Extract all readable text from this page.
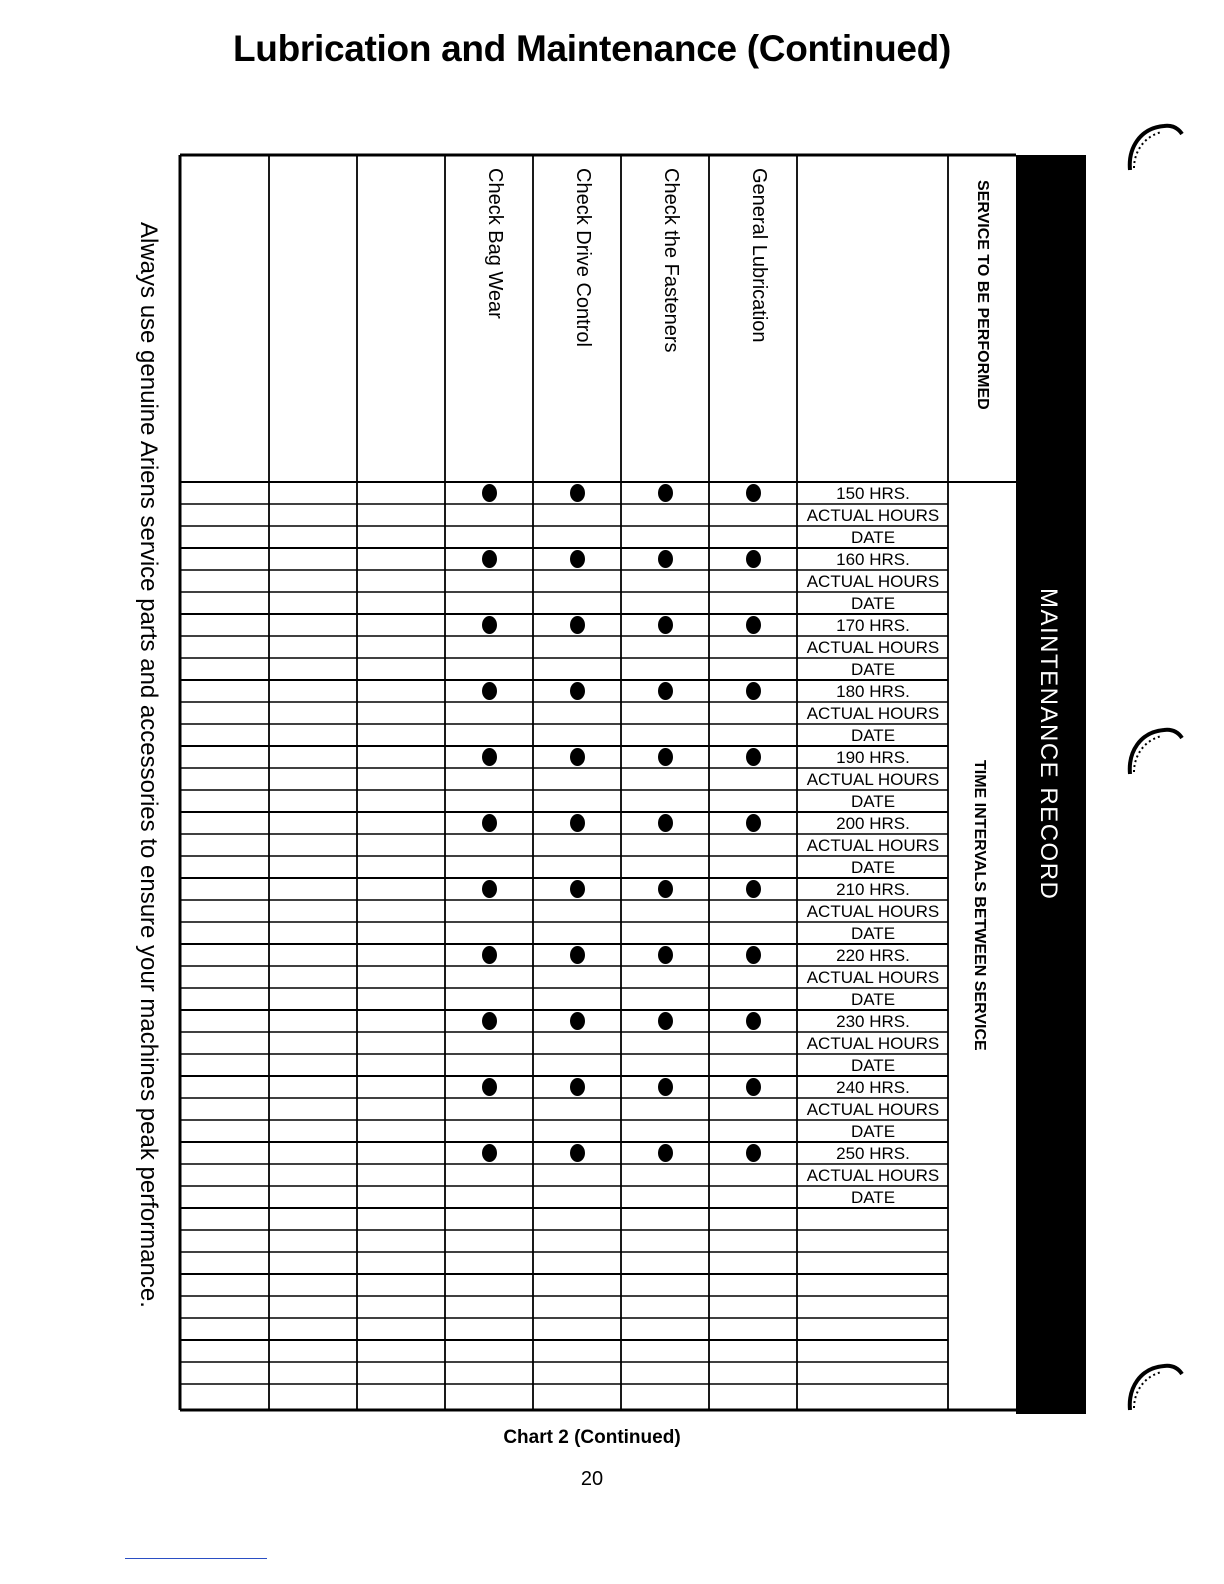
Lubrication and Maintenance (Continued)
Always use genuine Ariens service parts and accessories to ensure your machines peak performance.	MAINTENANCE RECORD
SERVICE TO BE PERFORMED
TIME INTERVALS BETWEEN SERVICE
General Lubrication
Check the Fasteners
Check Drive Control
Check Bag Wear
150 HRS.
ACTUAL HOURS
DATE
160 HRS.
ACTUAL HOURS
DATE
170 HRS.
ACTUAL HOURS
DATE
180 HRS.
ACTUAL HOURS
DATE
190 HRS.
ACTUAL HOURS
DATE
200 HRS.
ACTUAL HOURS
DATE
210 HRS.
ACTUAL HOURS
DATE
220 HRS.
ACTUAL HOURS
DATE
230 HRS.
ACTUAL HOURS
DATE
240 HRS.
ACTUAL HOURS
DATE
250 HRS.
ACTUAL HOURS
DATE
Chart 2 (Continued)
20
